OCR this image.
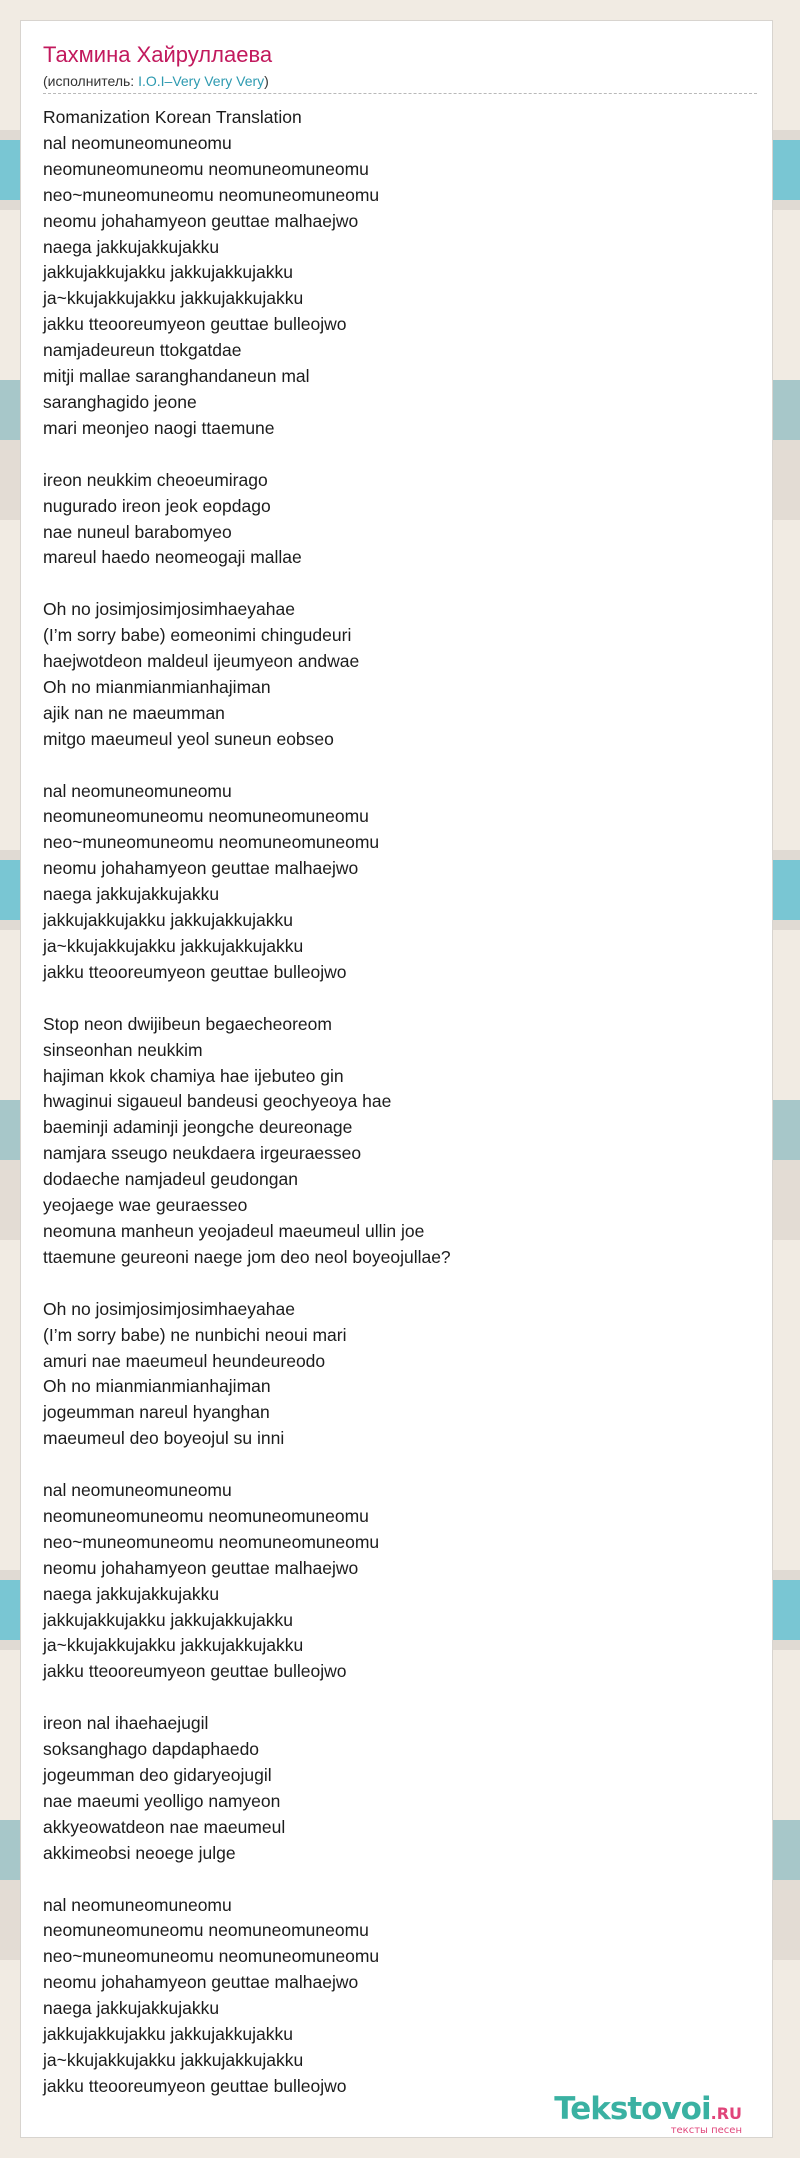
Тахмина Хайруллаева
(исполнитель: I.O.I–Very Very Very)
Romanization Korean Translation
nal neomuneomuneomu
neomuneomuneomu neomuneomuneomu
neo~muneomuneomu neomuneomuneomu
neomu johahamyeon geuttae malhaejwo
naega jakkujakkujakku
jakkujakkujakku jakkujakkujakku
ja~kkujakkujakku jakkujakkujakku
jakku tteooreumyeon geuttae bulleojwo
namjadeureun ttokgatdae
mitji mallae saranghandaneun mal
saranghagido jeone
mari meonjeo naogi ttaemune

ireon neukkim cheoeumirago
nugurado ireon jeok eopdago
nae nuneul barabomyeo
mareul haedo neomeogaji mallae

Oh no josimjosimjosimhaeyahae
(I’m sorry babe) eomeonimi chingudeuri
haejwotdeon maldeul ijeumyeon andwae
Oh no mianmianmianhajiman
ajik nan ne maeumman
mitgo maeumeul yeol suneun eobseo

nal neomuneomuneomu
neomuneomuneomu neomuneomuneomu
neo~muneomuneomu neomuneomuneomu
neomu johahamyeon geuttae malhaejwo
naega jakkujakkujakku
jakkujakkujakku jakkujakkujakku
ja~kkujakkujakku jakkujakkujakku
jakku tteooreumyeon geuttae bulleojwo

Stop neon dwijibeun begaecheoreom
sinseonhan neukkim
hajiman kkok chamiya hae ijebuteo gin
hwaginui sigaueul bandeusi geochyeoya hae
baeminji adaminji jeongche deureonage
namjara sseugo neukdaera irgeuraesseo
dodaeche namjadeul geudongan
yeojaege wae geuraesseo
neomuna manheun yeojadeul maeumeul ullin joe
ttaemune geureoni naege jom deo neol boyeojullae?

Oh no josimjosimjosimhaeyahae
(I’m sorry babe) ne nunbichi neoui mari
amuri nae maeumeul heundeureodo
Oh no mianmianmianhajiman
jogeumman nareul hyanghan
maeumeul deo boyeojul su inni

nal neomuneomuneomu
neomuneomuneomu neomuneomuneomu
neo~muneomuneomu neomuneomuneomu
neomu johahamyeon geuttae malhaejwo
naega jakkujakkujakku
jakkujakkujakku jakkujakkujakku
ja~kkujakkujakku jakkujakkujakku
jakku tteooreumyeon geuttae bulleojwo

ireon nal ihaehaejugil
soksanghago dapdaphaedo
jogeumman deo gidaryeojugil
nae maeumi yeolligo namyeon
akkyeowatdeon nae maeumeul
akkimeobsi neoege julge

nal neomuneomuneomu
neomuneomuneomu neomuneomuneomu
neo~muneomuneomu neomuneomuneomu
neomu johahamyeon geuttae malhaejwo
naega jakkujakkujakku
jakkujakkujakku jakkujakkujakku
ja~kkujakkujakku jakkujakkujakku
jakku tteooreumyeon geuttae bulleojwo
Tekstovoi.RU
тексты песен
